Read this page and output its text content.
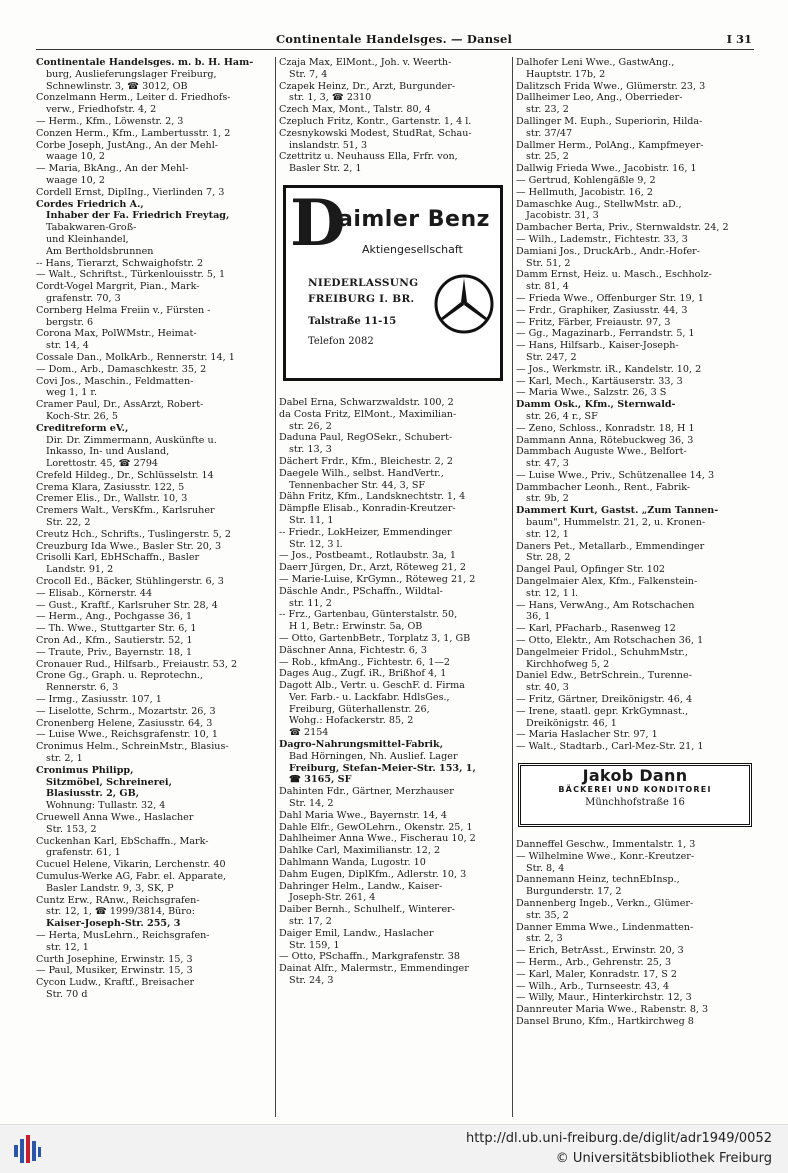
Continentale Handelsges. — Dansel	I 31
Continentale Handelsges. m. b. H. Ham-
burg, Auslieferungslager Freiburg,
Schnewlinstr. 3, ☎ 3012, OB
Conzelmann Herm., Leiter d. Friedhofs-
verw., Friedhofstr. 4, 2
— Herm., Kfm., Löwenstr. 2, 3
Conzen Herm., Kfm., Lambertusstr. 1, 2
Corbe Joseph, JustAng., An der Mehl-
waage 10, 2
— Maria, BkAng., An der Mehl-
waage 10, 2
Cordell Ernst, DiplIng., Vierlinden 7, 3
Cordes Friedrich A.,
Inhaber der Fa. Friedrich Freytag,
Tabakwaren-Groß-
und Kleinhandel,
Am Bertholdsbrunnen
-- Hans, Tierarzt, Schwaighofstr. 2
— Walt., Schriftst., Türkenlouisstr. 5, 1
Cordt-Vogel Margrit, Pian., Mark-
grafenstr. 70, 3
Cornberg Helma Freiin v., Fürsten -
bergstr. 6
Corona Max, PolWMstr., Heimat-
str. 14, 4
Cossale Dan., MolkArb., Rennerstr. 14, 1
— Dom., Arb., Damaschkestr. 35, 2
Covi Jos., Maschin., Feldmatten-
weg 1, 1 r.
Cramer Paul, Dr., AssArzt, Robert-
Koch-Str. 26, 5
Creditreform eV.,
Dir. Dr. Zimmermann, Auskünfte u.
Inkasso, In- und Ausland,
Lorettostr. 45, ☎ 2794
Crefeld Hildeg., Dr., Schlüsselstr. 14
Crema Klara, Zasiusstr. 122, 5
Cremer Elis., Dr., Wallstr. 10, 3
Cremers Walt., VersKfm., Karlsruher
Str. 22, 2
Creutz Hch., Schrifts., Tuslingerstr. 5, 2
Creuzburg Ida Wwe., Basler Str. 20, 3
Crisolli Karl, EbHSchaffn., Basler
Landstr. 91, 2
Crocoll Ed., Bäcker, Stühlingerstr. 6, 3
— Elisab., Körnerstr. 44
— Gust., Kraftf., Karlsruher Str. 28, 4
— Herm., Ang., Pochgasse 36, 1
— Th. Wwe., Stuttgarter Str. 6, 1
Cron Ad., Kfm., Sautierstr. 52, 1
— Traute, Priv., Bayernstr. 18, 1
Cronauer Rud., Hilfsarb., Freiaustr. 53, 2
Crone Gg., Graph. u. Reprotechn.,
Rennerstr. 6, 3
— Irmg., Zasiusstr. 107, 1
— Liselotte, Schrm., Mozartstr. 26, 3
Cronenberg Helene, Zasiusstr. 64, 3
— Luise Wwe., Reichsgrafenstr. 10, 1
Cronimus Helm., SchreinMstr., Blasius-
str. 2, 1
Cronimus Philipp,
Sitzmöbel, Schreinerei,
Blasiusstr. 2, GB,
Wohnung: Tullastr. 32, 4
Cruewell Anna Wwe., Haslacher
Str. 153, 2
Cuckenhan Karl, EbSchaffn., Mark-
grafenstr. 61, 1
Cucuel Helene, Vikarin, Lerchenstr. 40
Cumulus-Werke AG, Fabr. el. Apparate,
Basler Landstr. 9, 3, SK, P
Cuntz Erw., RAnw., Reichsgrafen-
str. 12, 1, ☎ 1999/3814, Büro:
Kaiser-Joseph-Str. 255, 3
— Herta, MusLehrn., Reichsgrafen-
str. 12, 1
Curth Josephine, Erwinstr. 15, 3
— Paul, Musiker, Erwinstr. 15, 3
Cycon Ludw., Kraftf., Breisacher
Str. 70 d
Czaja Max, ElMont., Joh. v. Weerth-
Str. 7, 4
Czapek Heinz, Dr., Arzt, Burgunder-
str. 1, 3, ☎ 2310
Czech Max, Mont., Talstr. 80, 4
Czepluch Fritz, Kontr., Gartenstr. 1, 4 l.
Czesnykowski Modest, StudRat, Schau-
inslandstr. 51, 3
Czettritz u. Neuhauss Ella, Frfr. von,
Basler Str. 2, 1
D
aimler Benz
Aktiengesellschaft
NIEDERLASSUNG
FREIBURG I. BR.
Talstraße 11-15
Telefon 2082
Dabel Erna, Schwarzwaldstr. 100, 2
da Costa Fritz, ElMont., Maximilian-
str. 26, 2
Daduna Paul, RegOSekr., Schubert-
str. 13, 3
Dächert Frdr., Kfm., Bleichestr. 2, 2
Daegele Wilh., selbst. HandVertr.,
Tennenbacher Str. 44, 3, SF
Dähn Fritz, Kfm., Landsknechtstr. 1, 4
Dämpfle Elisab., Konradin-Kreutzer-
Str. 11, 1
-- Friedr., LokHeizer, Emmendinger
Str. 12, 3 l.
— Jos., Postbeamt., Rotlaubstr. 3a, 1
Daerr Jürgen, Dr., Arzt, Röteweg 21, 2
— Marie-Luise, KrGymn., Röteweg 21, 2
Däschle Andr., PSchaffn., Wildtal-
str. 11, 2
-- Frz., Gartenbau, Günterstalstr. 50,
H 1, Betr.: Erwinstr. 5a, OB
— Otto, GartenbBetr., Torplatz 3, 1, GB
Däschner Anna, Fichtestr. 6, 3
— Rob., kfmAng., Fichtestr. 6, 1—2
Dages Aug., Zugf. iR., Brißhof 4, 1
Dagott Alb., Vertr. u. GeschF. d. Firma
Ver. Farb.- u. Lackfabr. HdlsGes.,
Freiburg, Güterhallenstr. 26,
Wohg.: Hofackerstr. 85, 2
☎ 2154
Dagro-Nahrungsmittel-Fabrik,
Bad Hörningen, Nh. Auslief. Lager
Freiburg, Stefan-Meier-Str. 153, 1,
☎ 3165, SF
Dahinten Fdr., Gärtner, Merzhauser
Str. 14, 2
Dahl Maria Wwe., Bayernstr. 14, 4
Dahle Elfr., GewOLehrn., Okenstr. 25, 1
Dahlheimer Anna Wwe., Fischerau 10, 2
Dahlke Carl, Maximilianstr. 12, 2
Dahlmann Wanda, Lugostr. 10
Dahm Eugen, DiplKfm., Adlerstr. 10, 3
Dahringer Helm., Landw., Kaiser-
Joseph-Str. 261, 4
Daiber Bernh., Schulhelf., Winterer-
str. 17, 2
Daiger Emil, Landw., Haslacher
Str. 159, 1
— Otto, PSchaffn., Markgrafenstr. 38
Dainat Alfr., Malermstr., Emmendinger
Str. 24, 3
Dalhofer Leni Wwe., GastwAng.,
Hauptstr. 17b, 2
Dalitzsch Frida Wwe., Glümerstr. 23, 3
Dallheimer Leo, Ang., Oberrieder-
str. 23, 2
Dallinger M. Euph., Superiorin, Hilda-
str. 37/47
Dallmer Herm., PolAng., Kampfmeyer-
str. 25, 2
Dallwig Frieda Wwe., Jacobistr. 16, 1
— Gertrud, Kohlengäßle 9, 2
— Hellmuth, Jacobistr. 16, 2
Damaschke Aug., StellwMstr. aD.,
Jacobistr. 31, 3
Dambacher Berta, Priv., Sternwaldstr. 24, 2
— Wilh., Lademstr., Fichtestr. 33, 3
Damiani Jos., DruckArb., Andr.-Hofer-
Str. 51, 2
Damm Ernst, Heiz. u. Masch., Eschholz-
str. 81, 4
— Frieda Wwe., Offenburger Str. 19, 1
— Frdr., Graphiker, Zasiusstr. 44, 3
— Fritz, Färber, Freiaustr. 97, 3
— Gg., Magazinarb., Ferrandstr. 5, 1
— Hans, Hilfsarb., Kaiser-Joseph-
Str. 247, 2
— Jos., Werkmstr. iR., Kandelstr. 10, 2
— Karl, Mech., Kartäuserstr. 33, 3
— Maria Wwe., Salzstr. 26, 3 S
Damm Osk., Kfm., Sternwald-
str. 26, 4 r., SF
— Zeno, Schloss., Konradstr. 18, H 1
Dammann Anna, Rötebuckweg 36, 3
Dammbach Auguste Wwe., Belfort-
str. 47, 3
— Luise Wwe., Priv., Schützenallee 14, 3
Dammbacher Leonh., Rent., Fabrik-
str. 9b, 2
Dammert Kurt, Gastst. „Zum Tannen-
baum", Hummelstr. 21, 2, u. Kronen-
str. 12, 1
Daners Pet., Metallarb., Emmendinger
Str. 28, 2
Dangel Paul, Opfinger Str. 102
Dangelmaier Alex, Kfm., Falkenstein-
str. 12, 1 l.
— Hans, VerwAng., Am Rotschachen
36, 1
— Karl, PFacharb., Rasenweg 12
— Otto, Elektr., Am Rotschachen 36, 1
Dangelmeier Fridol., SchuhmMstr.,
Kirchhofweg 5, 2
Daniel Edw., BetrSchrein., Turenne-
str. 40, 3
— Fritz, Gärtner, Dreikönigstr. 46, 4
— Irene, staatl. gepr. KrkGymnast.,
Dreikönigstr. 46, 1
— Maria Haslacher Str. 97, 1
— Walt., Stadtarb., Carl-Mez-Str. 21, 1
Jakob Dann
BÄCKEREI UND KONDITOREI
Münchhofstraße 16
Danneffel Geschw., Immentalstr. 1, 3
— Wilhelmine Wwe., Konr.-Kreutzer-
Str. 8, 4
Dannemann Heinz, technEbInsp.,
Burgunderstr. 17, 2
Dannenberg Ingeb., Verkn., Glümer-
str. 35, 2
Danner Emma Wwe., Lindenmatten-
str. 2, 3
— Erich, BetrAsst., Erwinstr. 20, 3
— Herm., Arb., Gehrenstr. 25, 3
— Karl, Maler, Konradstr. 17, S 2
— Wilh., Arb., Turnseestr. 43, 4
— Willy, Maur., Hinterkirchstr. 12, 3
Dannreuter Maria Wwe., Rabenstr. 8, 3
Dansel Bruno, Kfm., Hartkirchweg 8
http://dl.ub.uni-freiburg.de/diglit/adr1949/0052
© Universitätsbibliothek Freiburg
